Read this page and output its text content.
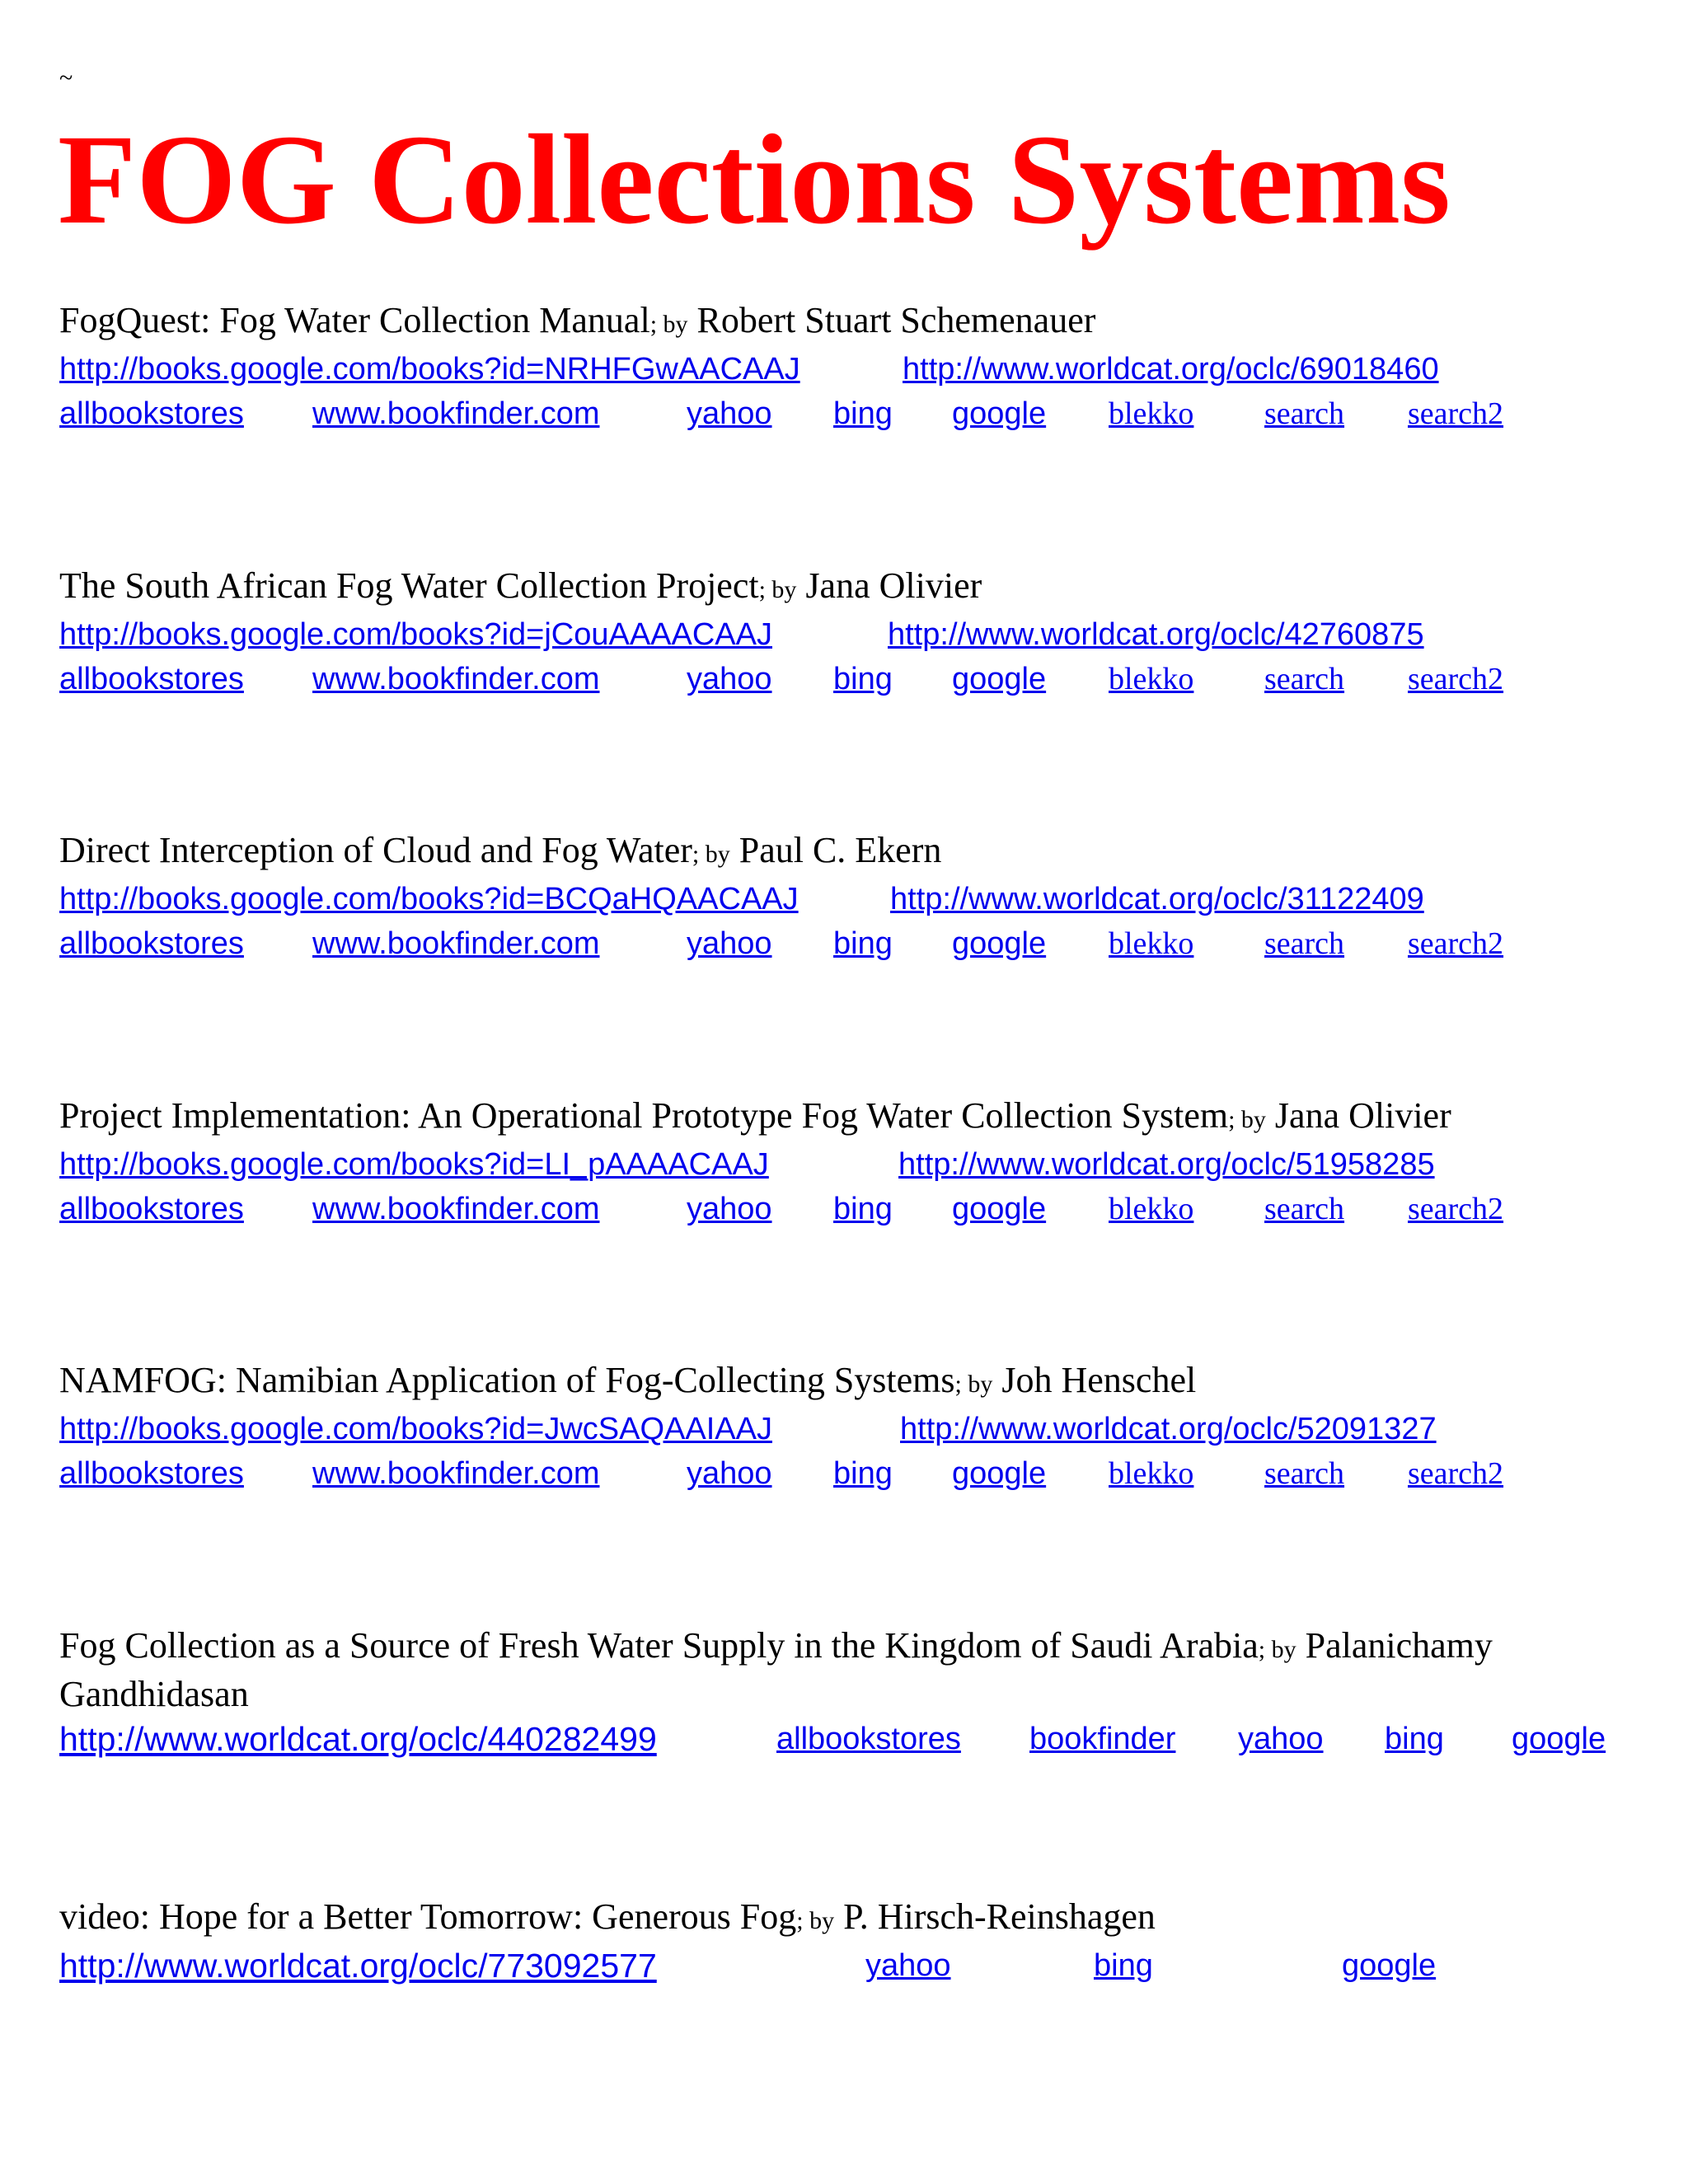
~
FOG Collections Systems
FogQuest: Fog Water Collection Manual; by Robert Stuart Schemenauer
http://books.google.com/books?id=NRHFGwAACAAJ	http://www.worldcat.org/oclc/69018460
allbookstores www.bookfinder.com	yahoo bing google blekko search search2
The South African Fog Water Collection Project; by Jana Olivier
http://books.google.com/books?id=jCouAAAACAAJ	http://www.worldcat.org/oclc/42760875
allbookstores www.bookfinder.com	yahoo bing google blekko search search2
Direct Interception of Cloud and Fog Water; by Paul C. Ekern
http://books.google.com/books?id=BCQaHQAACAAJ	http://www.worldcat.org/oclc/31122409
allbookstores www.bookfinder.com	yahoo bing google blekko search search2
Project Implementation: An Operational Prototype Fog Water Collection System; by Jana Olivier
http://books.google.com/books?id=LI_pAAAACAAJ	http://www.worldcat.org/oclc/51958285
allbookstores www.bookfinder.com	yahoo bing google blekko search search2
NAMFOG: Namibian Application of Fog-Collecting Systems; by Joh Henschel
http://books.google.com/books?id=JwcSAQAAIAAJ	http://www.worldcat.org/oclc/52091327
allbookstores www.bookfinder.com	yahoo bing google blekko search search2
Fog Collection as a Source of Fresh Water Supply in the Kingdom of Saudi Arabia; by Palanichamy Gandhidasan
http://www.worldcat.org/oclc/440282499	allbookstores bookfinder yahoo bing google
video: Hope for a Better Tomorrow: Generous Fog; by P. Hirsch-Reinshagen
http://www.worldcat.org/oclc/773092577	yahoo	bing	google
